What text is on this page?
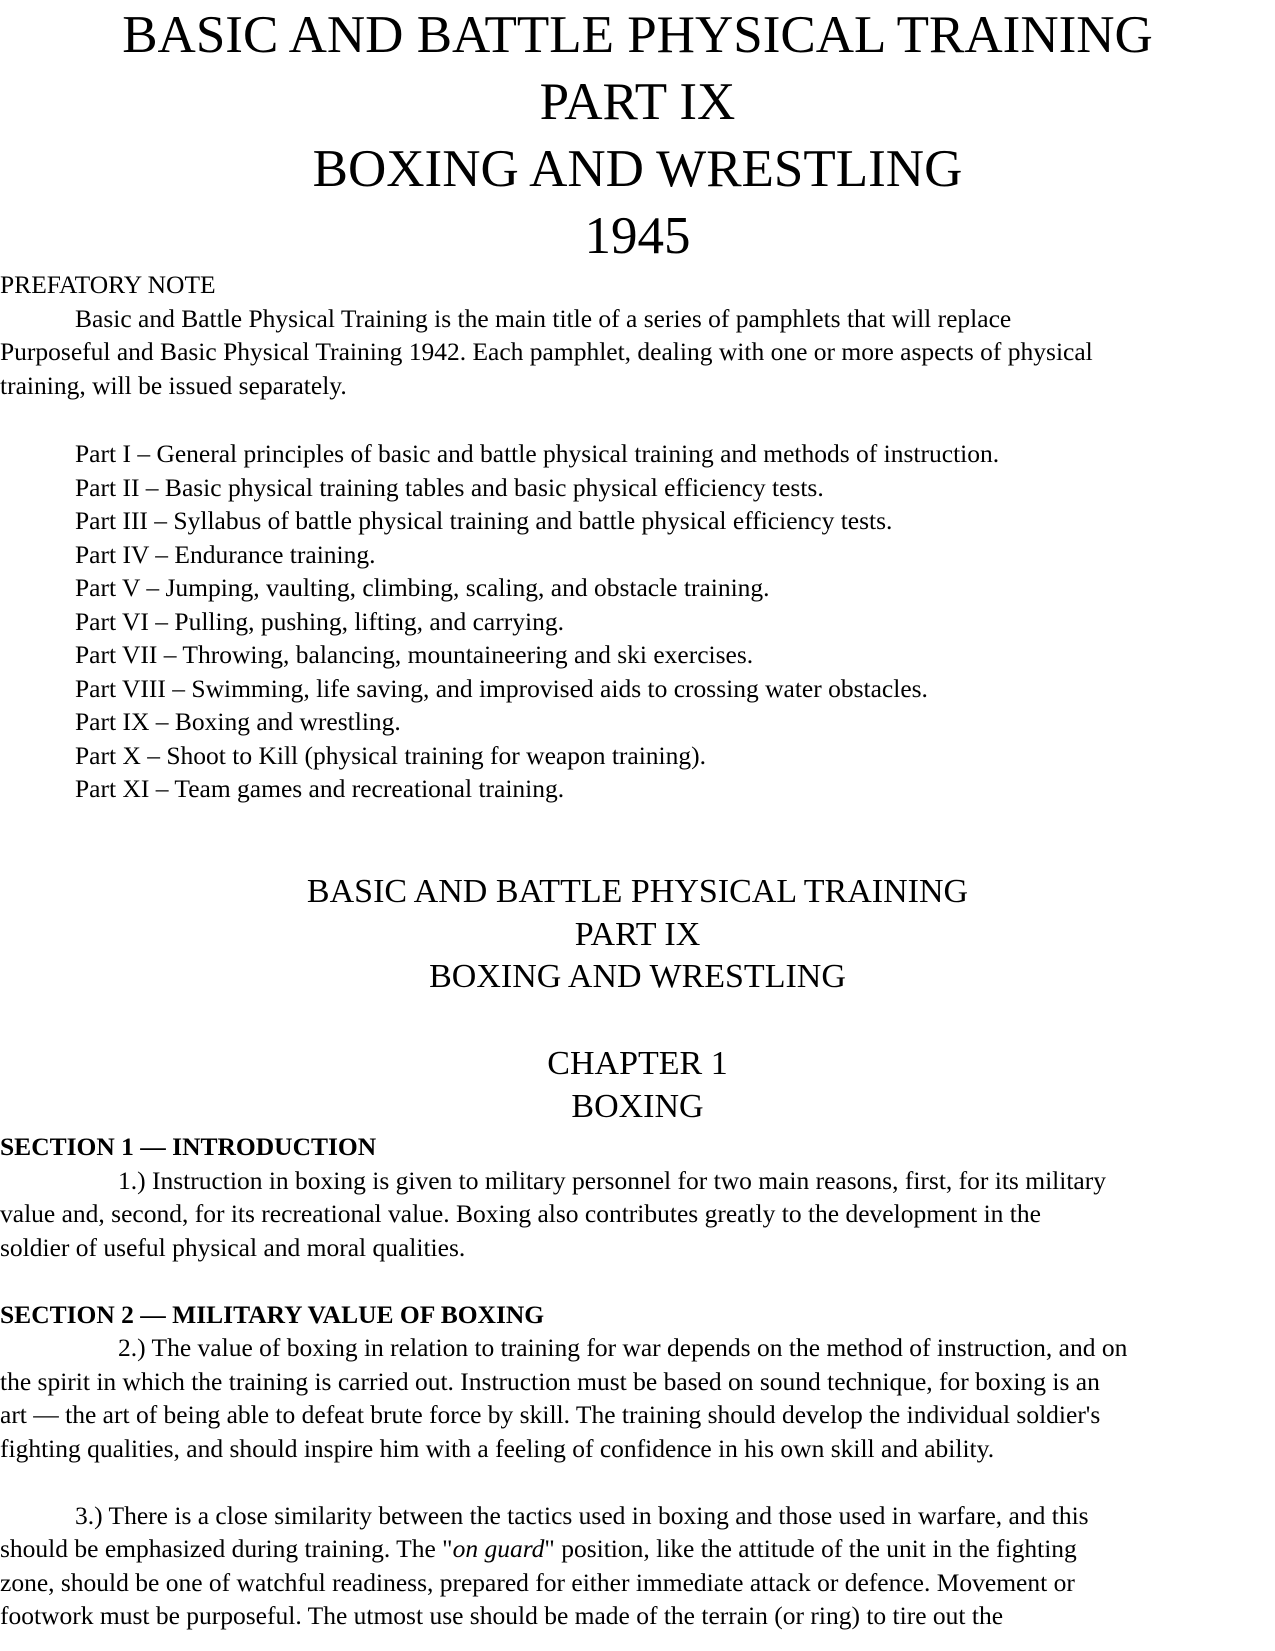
BASIC AND BATTLE PHYSICAL TRAINING
PART IX
BOXING AND WRESTLING
1945
PREFATORY NOTE
Basic and Battle Physical Training is the main title of a series of pamphlets that will replace
Purposeful and Basic Physical Training 1942. Each pamphlet, dealing with one or more aspects of physical
training, will be issued separately.
Part I – General principles of basic and battle physical training and methods of instruction.
Part II – Basic physical training tables and basic physical efficiency tests.
Part III – Syllabus of battle physical training and battle physical efficiency tests.
Part IV – Endurance training.
Part V – Jumping, vaulting, climbing, scaling, and obstacle training.
Part VI – Pulling, pushing, lifting, and carrying.
Part VII – Throwing, balancing, mountaineering and ski exercises.
Part VIII – Swimming, life saving, and improvised aids to crossing water obstacles.
Part IX – Boxing and wrestling.
Part X – Shoot to Kill (physical training for weapon training).
Part XI – Team games and recreational training.
BASIC AND BATTLE PHYSICAL TRAINING
PART IX
BOXING AND WRESTLING
CHAPTER 1
BOXING
SECTION 1 — INTRODUCTION
1.) Instruction in boxing is given to military personnel for two main reasons, first, for its military
value and, second, for its recreational value. Boxing also contributes greatly to the development in the
soldier of useful physical and moral qualities.
SECTION 2 — MILITARY VALUE OF BOXING
2.) The value of boxing in relation to training for war depends on the method of instruction, and on
the spirit in which the training is carried out. Instruction must be based on sound technique, for boxing is an
art — the art of being able to defeat brute force by skill. The training should develop the individual soldier's
fighting qualities, and should inspire him with a feeling of confidence in his own skill and ability.
3.) There is a close similarity between the tactics used in boxing and those used in warfare, and this
should be emphasized during training. The "on guard" position, like the attitude of the unit in the fighting
zone, should be one of watchful readiness, prepared for either immediate attack or defence. Movement or
footwork must be purposeful. The utmost use should be made of the terrain (or ring) to tire out the
